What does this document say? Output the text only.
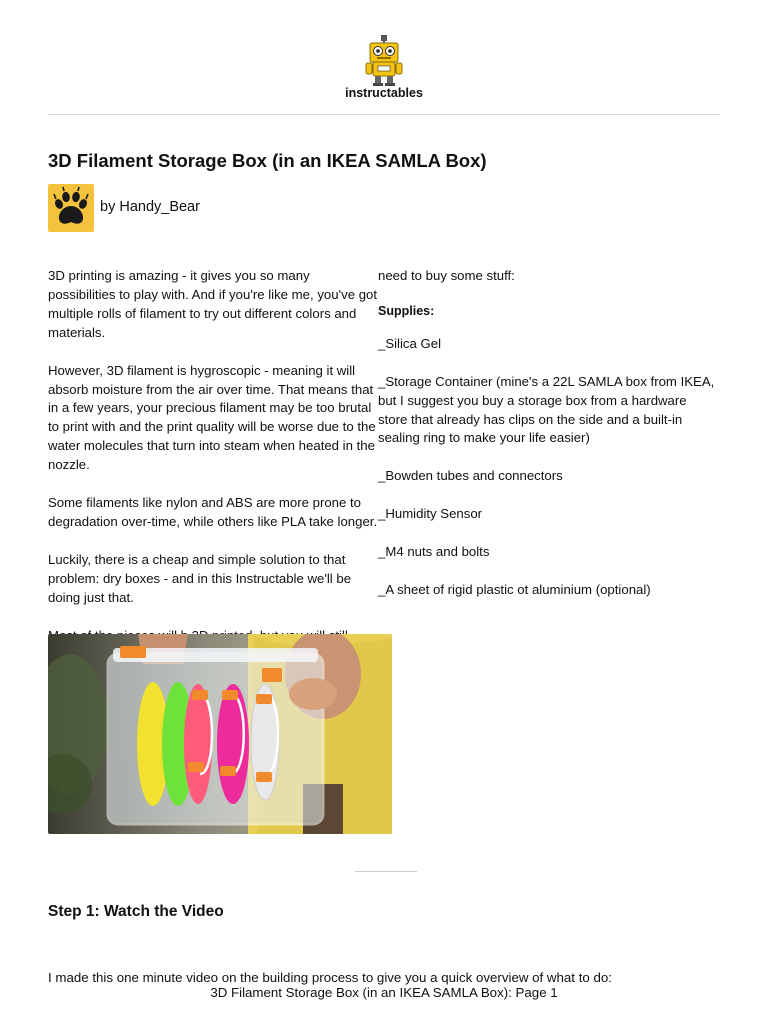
instructables
3D Filament Storage Box (in an IKEA SAMLA Box)
by Handy_Bear

3D printing is amazing - it gives you so many possibilities to play with. And if you're like me, you've got multiple rolls of filament to try out different colors and materials.

However, 3D filament is hygroscopic - meaning it will absorb moisture from the air over time. That means that in a few years, your precious filament may be too brutal to print with and the print quality will be worse due to the water molecules that turn into steam when heated in the nozzle.

Some filaments like nylon and ABS are more prone to degradation over-time, while others like PLA take longer.

Luckily, there is a cheap and simple solution to that problem: dry boxes - and in this Instructable we'll be doing just that.

need to buy some stuff:

Supplies:

_Silica Gel

_Storage Container (mine's a 22L SAMLA box from IKEA, but I suggest you buy a storage box from a hardware store that already has clips on the side and a built-in sealing ring to make your life easier)

_Bowden tubes and connectors

_Humidity Sensor

_M4 nuts and bolts

_A sheet of rigid plastic ot aluminium (optional)

Step 1: Watch the Video
I made this one minute video on the building process to give you a quick overview of what to do:
3D Filament Storage Box (in an IKEA SAMLA Box): Page 1
